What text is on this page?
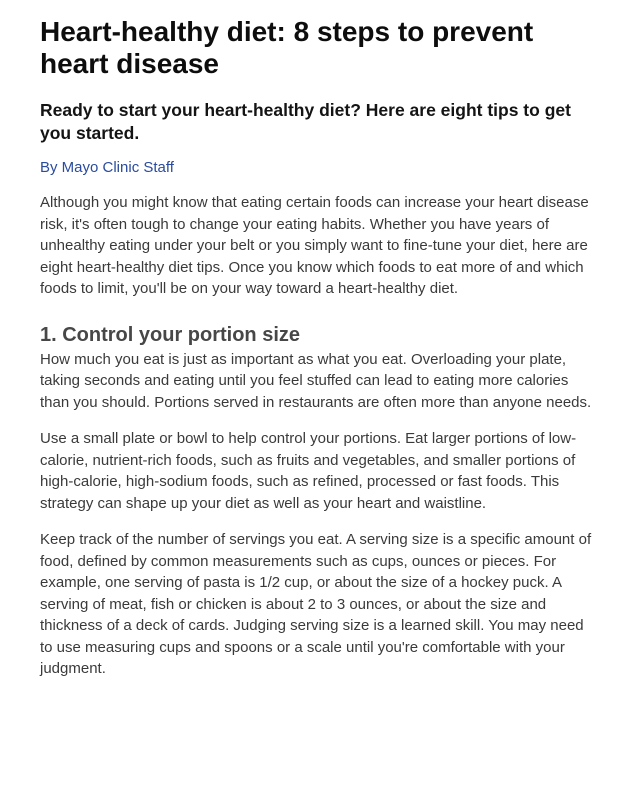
Heart-healthy diet: 8 steps to prevent heart disease

Ready to start your heart-healthy diet? Here are eight tips to get you started.

By Mayo Clinic Staff

Although you might know that eating certain foods can increase your heart disease risk, it's often tough to change your eating habits. Whether you have years of unhealthy eating under your belt or you simply want to fine-tune your diet, here are eight heart-healthy diet tips. Once you know which foods to eat more of and which foods to limit, you'll be on your way toward a heart-healthy diet.

1. Control your portion size

How much you eat is just as important as what you eat. Overloading your plate, taking seconds and eating until you feel stuffed can lead to eating more calories than you should. Portions served in restaurants are often more than anyone needs.

Use a small plate or bowl to help control your portions. Eat larger portions of low-calorie, nutrient-rich foods, such as fruits and vegetables, and smaller portions of high-calorie, high-sodium foods, such as refined, processed or fast foods. This strategy can shape up your diet as well as your heart and waistline.

Keep track of the number of servings you eat. A serving size is a specific amount of food, defined by common measurements such as cups, ounces or pieces. For example, one serving of pasta is 1/2 cup, or about the size of a hockey puck. A serving of meat, fish or chicken is about 2 to 3 ounces, or about the size and thickness of a deck of cards. Judging serving size is a learned skill. You may need to use measuring cups and spoons or a scale until you're comfortable with your judgment.
